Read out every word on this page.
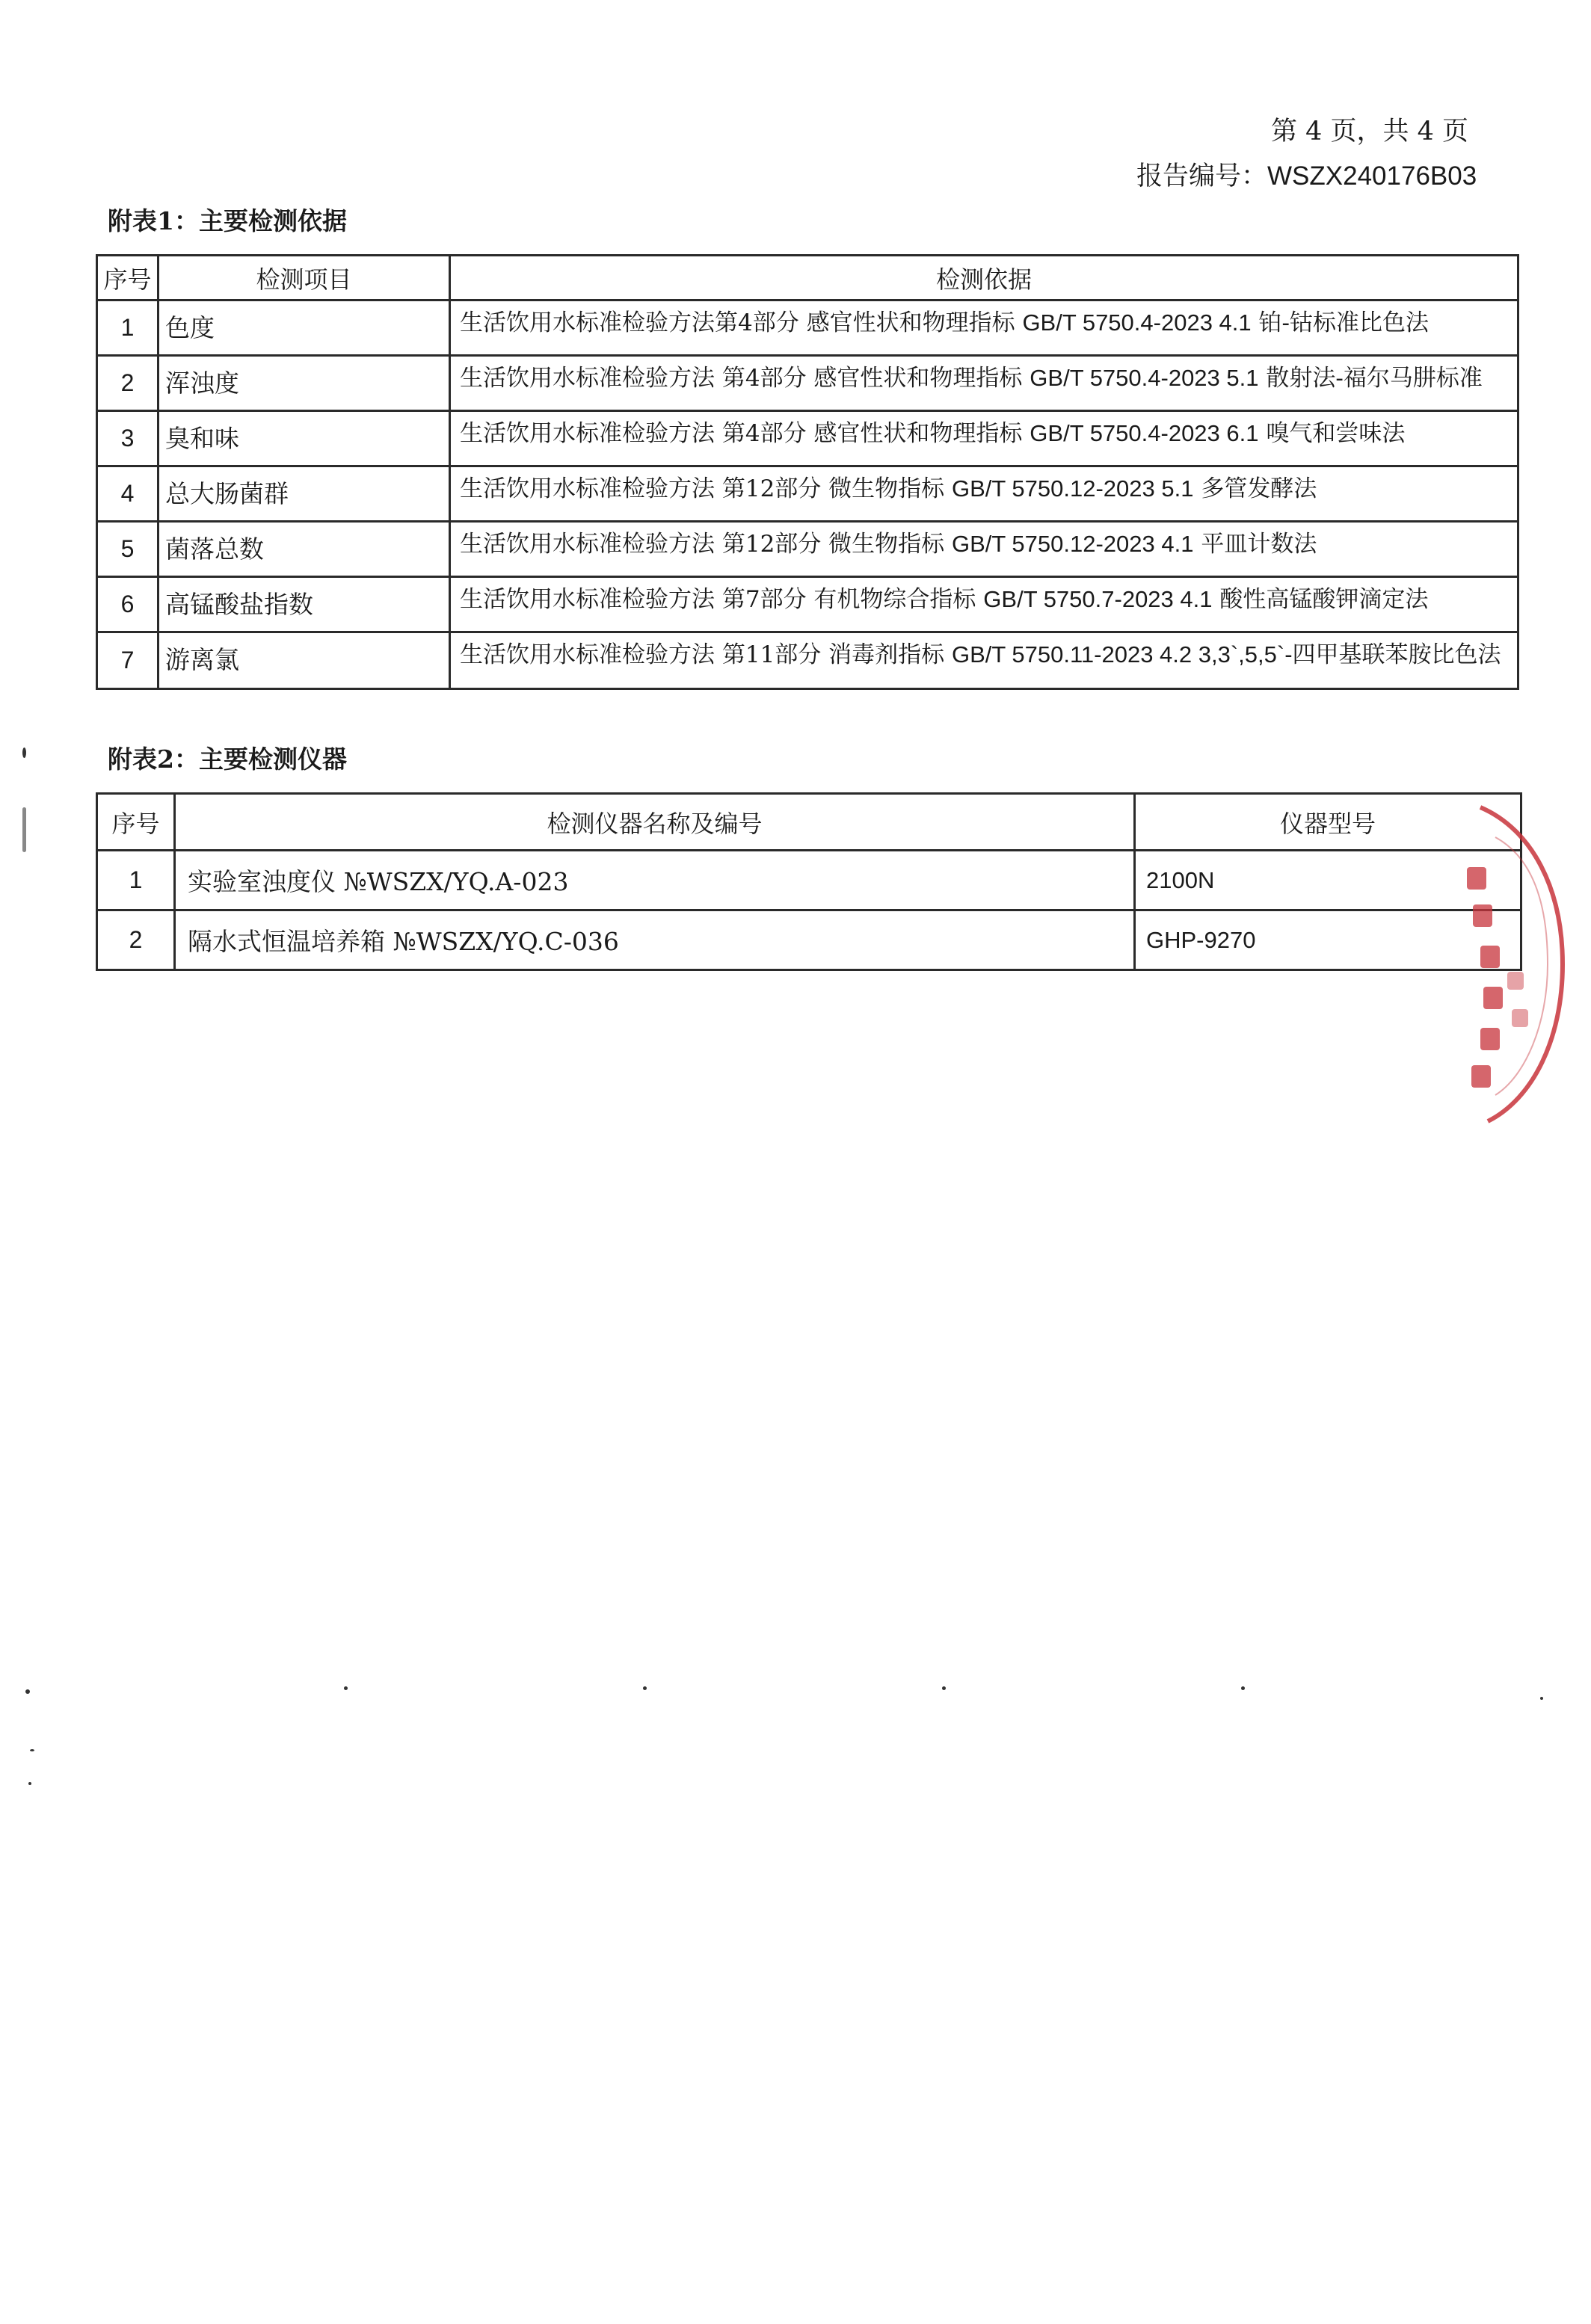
第 4 页，共 4 页
报告编号：WSZX240176B03
附表1：主要检测依据
序号	检测项目	检测依据
1	色度	生活饮用水标准检验方法第4部分 感官性状和物理指标 GB/T 5750.4-2023 4.1 铂-钴标准比色法
2	浑浊度	生活饮用水标准检验方法 第4部分 感官性状和物理指标 GB/T 5750.4-2023 5.1 散射法-福尔马肼标准
3	臭和味	生活饮用水标准检验方法 第4部分 感官性状和物理指标 GB/T 5750.4-2023 6.1 嗅气和尝味法
4	总大肠菌群	生活饮用水标准检验方法 第12部分 微生物指标 GB/T 5750.12-2023 5.1 多管发酵法
5	菌落总数	生活饮用水标准检验方法 第12部分 微生物指标 GB/T 5750.12-2023 4.1 平皿计数法
6	高锰酸盐指数	生活饮用水标准检验方法 第7部分 有机物综合指标 GB/T 5750.7-2023 4.1 酸性高锰酸钾滴定法
7	游离氯	生活饮用水标准检验方法 第11部分 消毒剂指标 GB/T 5750.11-2023 4.2 3,3`,5,5`-四甲基联苯胺比色法
附表2：主要检测仪器
序号	检测仪器名称及编号	仪器型号
1	实验室浊度仪 №WSZX/YQ.A-023	2100N
2	隔水式恒温培养箱 №WSZX/YQ.C-036	GHP-9270
